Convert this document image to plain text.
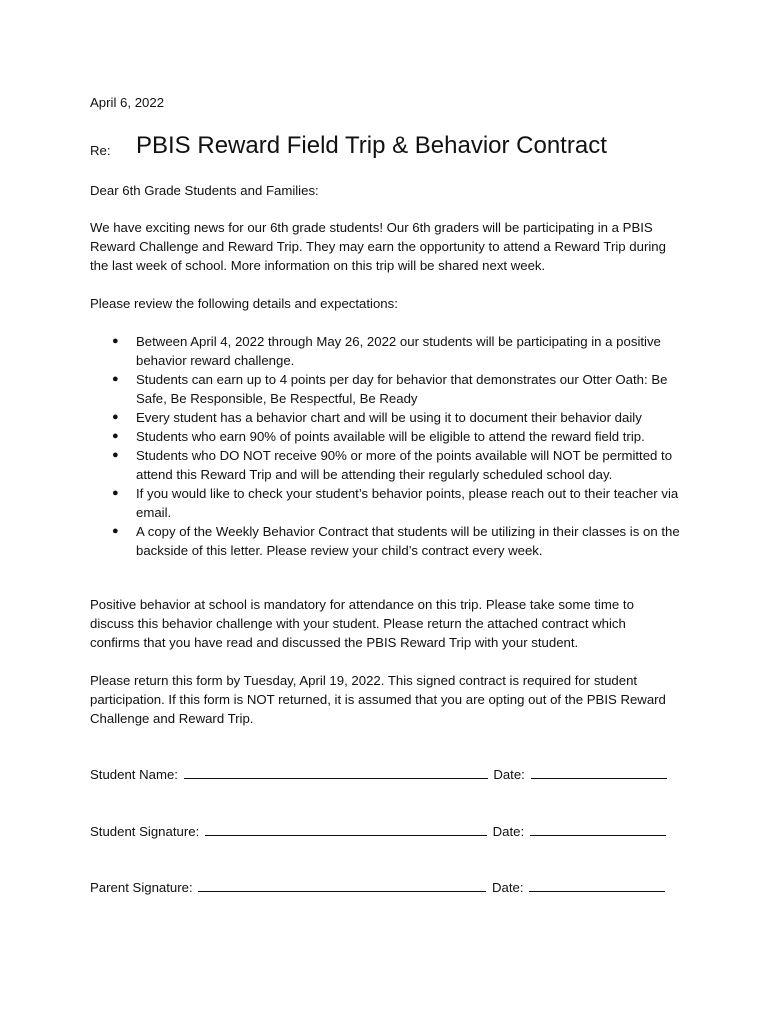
April 6, 2022
Re: PBIS Reward Field Trip & Behavior Contract
Dear 6th Grade Students and Families:

We have exciting news for our 6th grade students! Our 6th graders will be participating in a PBIS Reward Challenge and Reward Trip. They may earn the opportunity to attend a Reward Trip during the last week of school. More information on this trip will be shared next week.

Please review the following details and expectations:

● Between April 4, 2022 through May 26, 2022 our students will be participating in a positive behavior reward challenge.
● Students can earn up to 4 points per day for behavior that demonstrates our Otter Oath: Be Safe, Be Responsible, Be Respectful, Be Ready
● Every student has a behavior chart and will be using it to document their behavior daily
● Students who earn 90% of points available will be eligible to attend the reward field trip.
● Students who DO NOT receive 90% or more of the points available will NOT be permitted to attend this Reward Trip and will be attending their regularly scheduled school day.
● If you would like to check your student’s behavior points, please reach out to their teacher via email.
● A copy of the Weekly Behavior Contract that students will be utilizing in their classes is on the backside of this letter. Please review your child’s contract every week.

Positive behavior at school is mandatory for attendance on this trip. Please take some time to discuss this behavior challenge with your student. Please return the attached contract which confirms that you have read and discussed the PBIS Reward Trip with your student.

Please return this form by Tuesday, April 19, 2022. This signed contract is required for student participation. If this form is NOT returned, it is assumed that you are opting out of the PBIS Reward Challenge and Reward Trip.

Student Name:	Date:
Student Signature:	Date:
Parent Signature:	Date:
